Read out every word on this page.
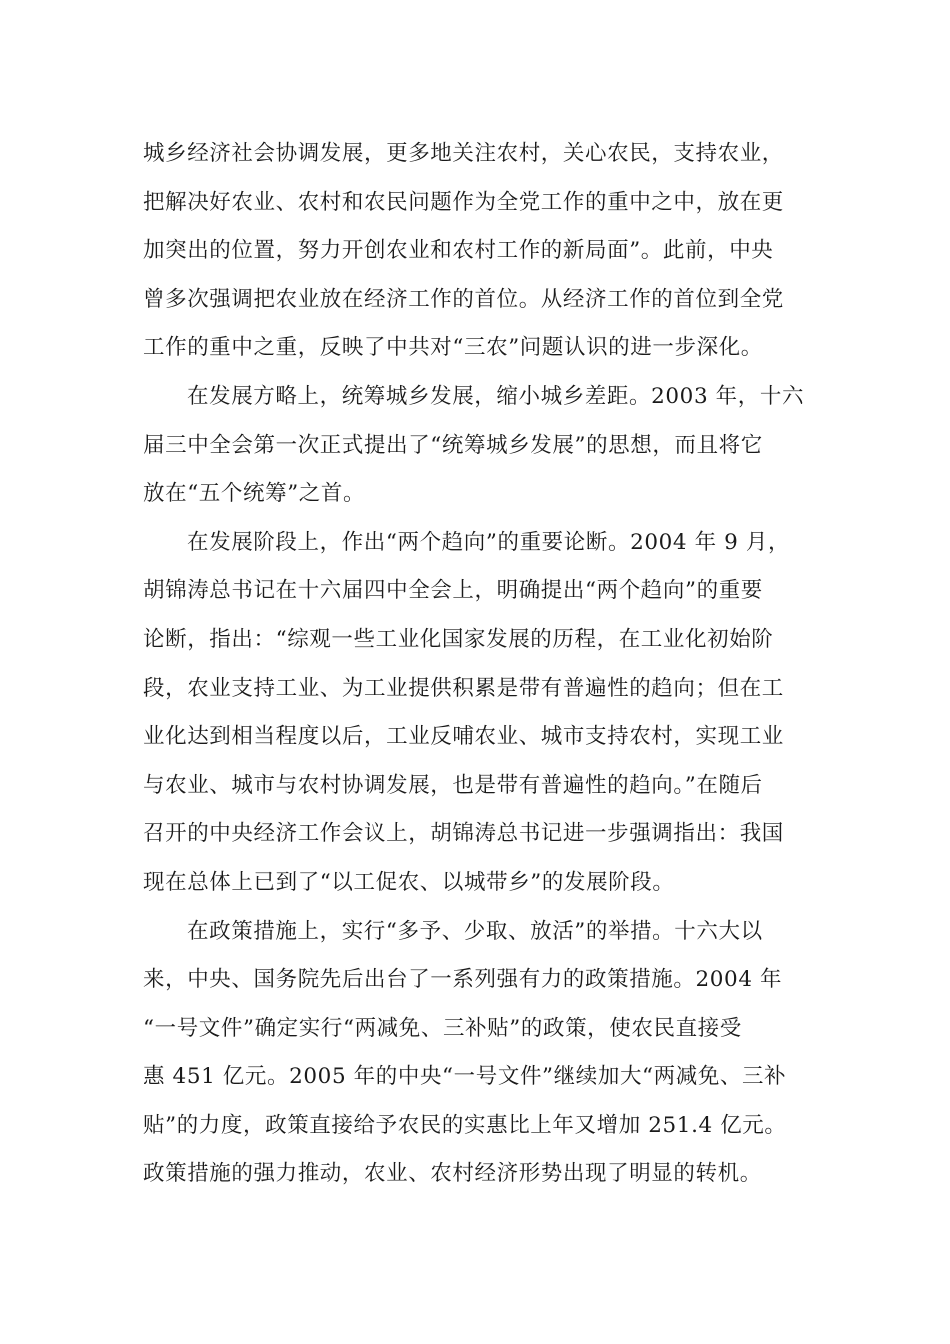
城乡经济社会协调发展，更多地关注农村，关心农民，支持农业，
把解决好农业、农村和农民问题作为全党工作的重中之中，放在更
加突出的位置，努力开创农业和农村工作的新局面”。此前，中央
曾多次强调把农业放在经济工作的首位。从经济工作的首位到全党
工作的重中之重，反映了中共对“三农”问题认识的进一步深化。
在发展方略上，统筹城乡发展，缩小城乡差距。2003 年，十六
届三中全会第一次正式提出了“统筹城乡发展”的思想，而且将它
放在“五个统筹”之首。
在发展阶段上，作出“两个趋向”的重要论断。2004 年 9 月，
胡锦涛总书记在十六届四中全会上，明确提出“两个趋向”的重要
论断，指出：“综观一些工业化国家发展的历程，在工业化初始阶
段，农业支持工业、为工业提供积累是带有普遍性的趋向；但在工
业化达到相当程度以后，工业反哺农业、城市支持农村，实现工业
与农业、城市与农村协调发展，也是带有普遍性的趋向。”在随后
召开的中央经济工作会议上，胡锦涛总书记进一步强调指出：我国
现在总体上已到了“以工促农、以城带乡”的发展阶段。
在政策措施上，实行“多予、少取、放活”的举措。十六大以
来，中央、国务院先后出台了一系列强有力的政策措施。2004 年
“一号文件”确定实行“两减免、三补贴”的政策，使农民直接受
惠 451 亿元。2005 年的中央“一号文件”继续加大“两减免、三补
贴”的力度，政策直接给予农民的实惠比上年又增加 251.4 亿元。
政策措施的强力推动，农业、农村经济形势出现了明显的转机。
